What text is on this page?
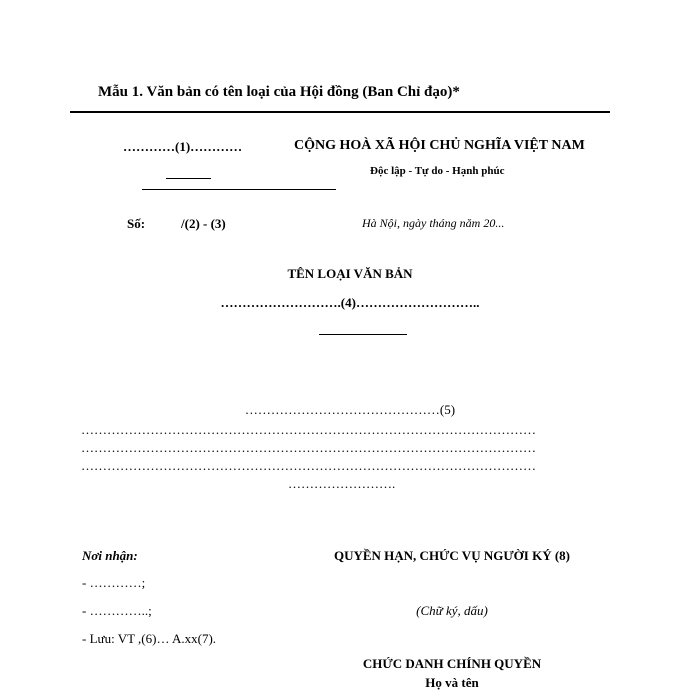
Mẫu 1. Văn bản có tên loại của Hội đồng (Ban Chỉ đạo)*
…………(1)…………	CỘNG HOÀ XÃ HỘI CHỦ NGHĨA VIỆT NAM
Độc lập - Tự do - Hạnh phúc
Số:	/(2) - (3)	Hà Nội, ngày tháng năm 20...
TÊN LOẠI VĂN BẢN
……………………….(4)………………………..
………………………………………(5)
……………………………………………………………………………………………
……………………………………………………………………………………………
……………………………………………………………………………………………
…………………….
Nơi nhận:
- …………;
- …………..;
- Lưu: VT ,(6)… A.xx(7).
QUYỀN HẠN, CHỨC VỤ NGƯỜI KÝ (8)
(Chữ ký, dấu)
CHỨC DANH CHÍNH QUYỀN
Họ và tên
